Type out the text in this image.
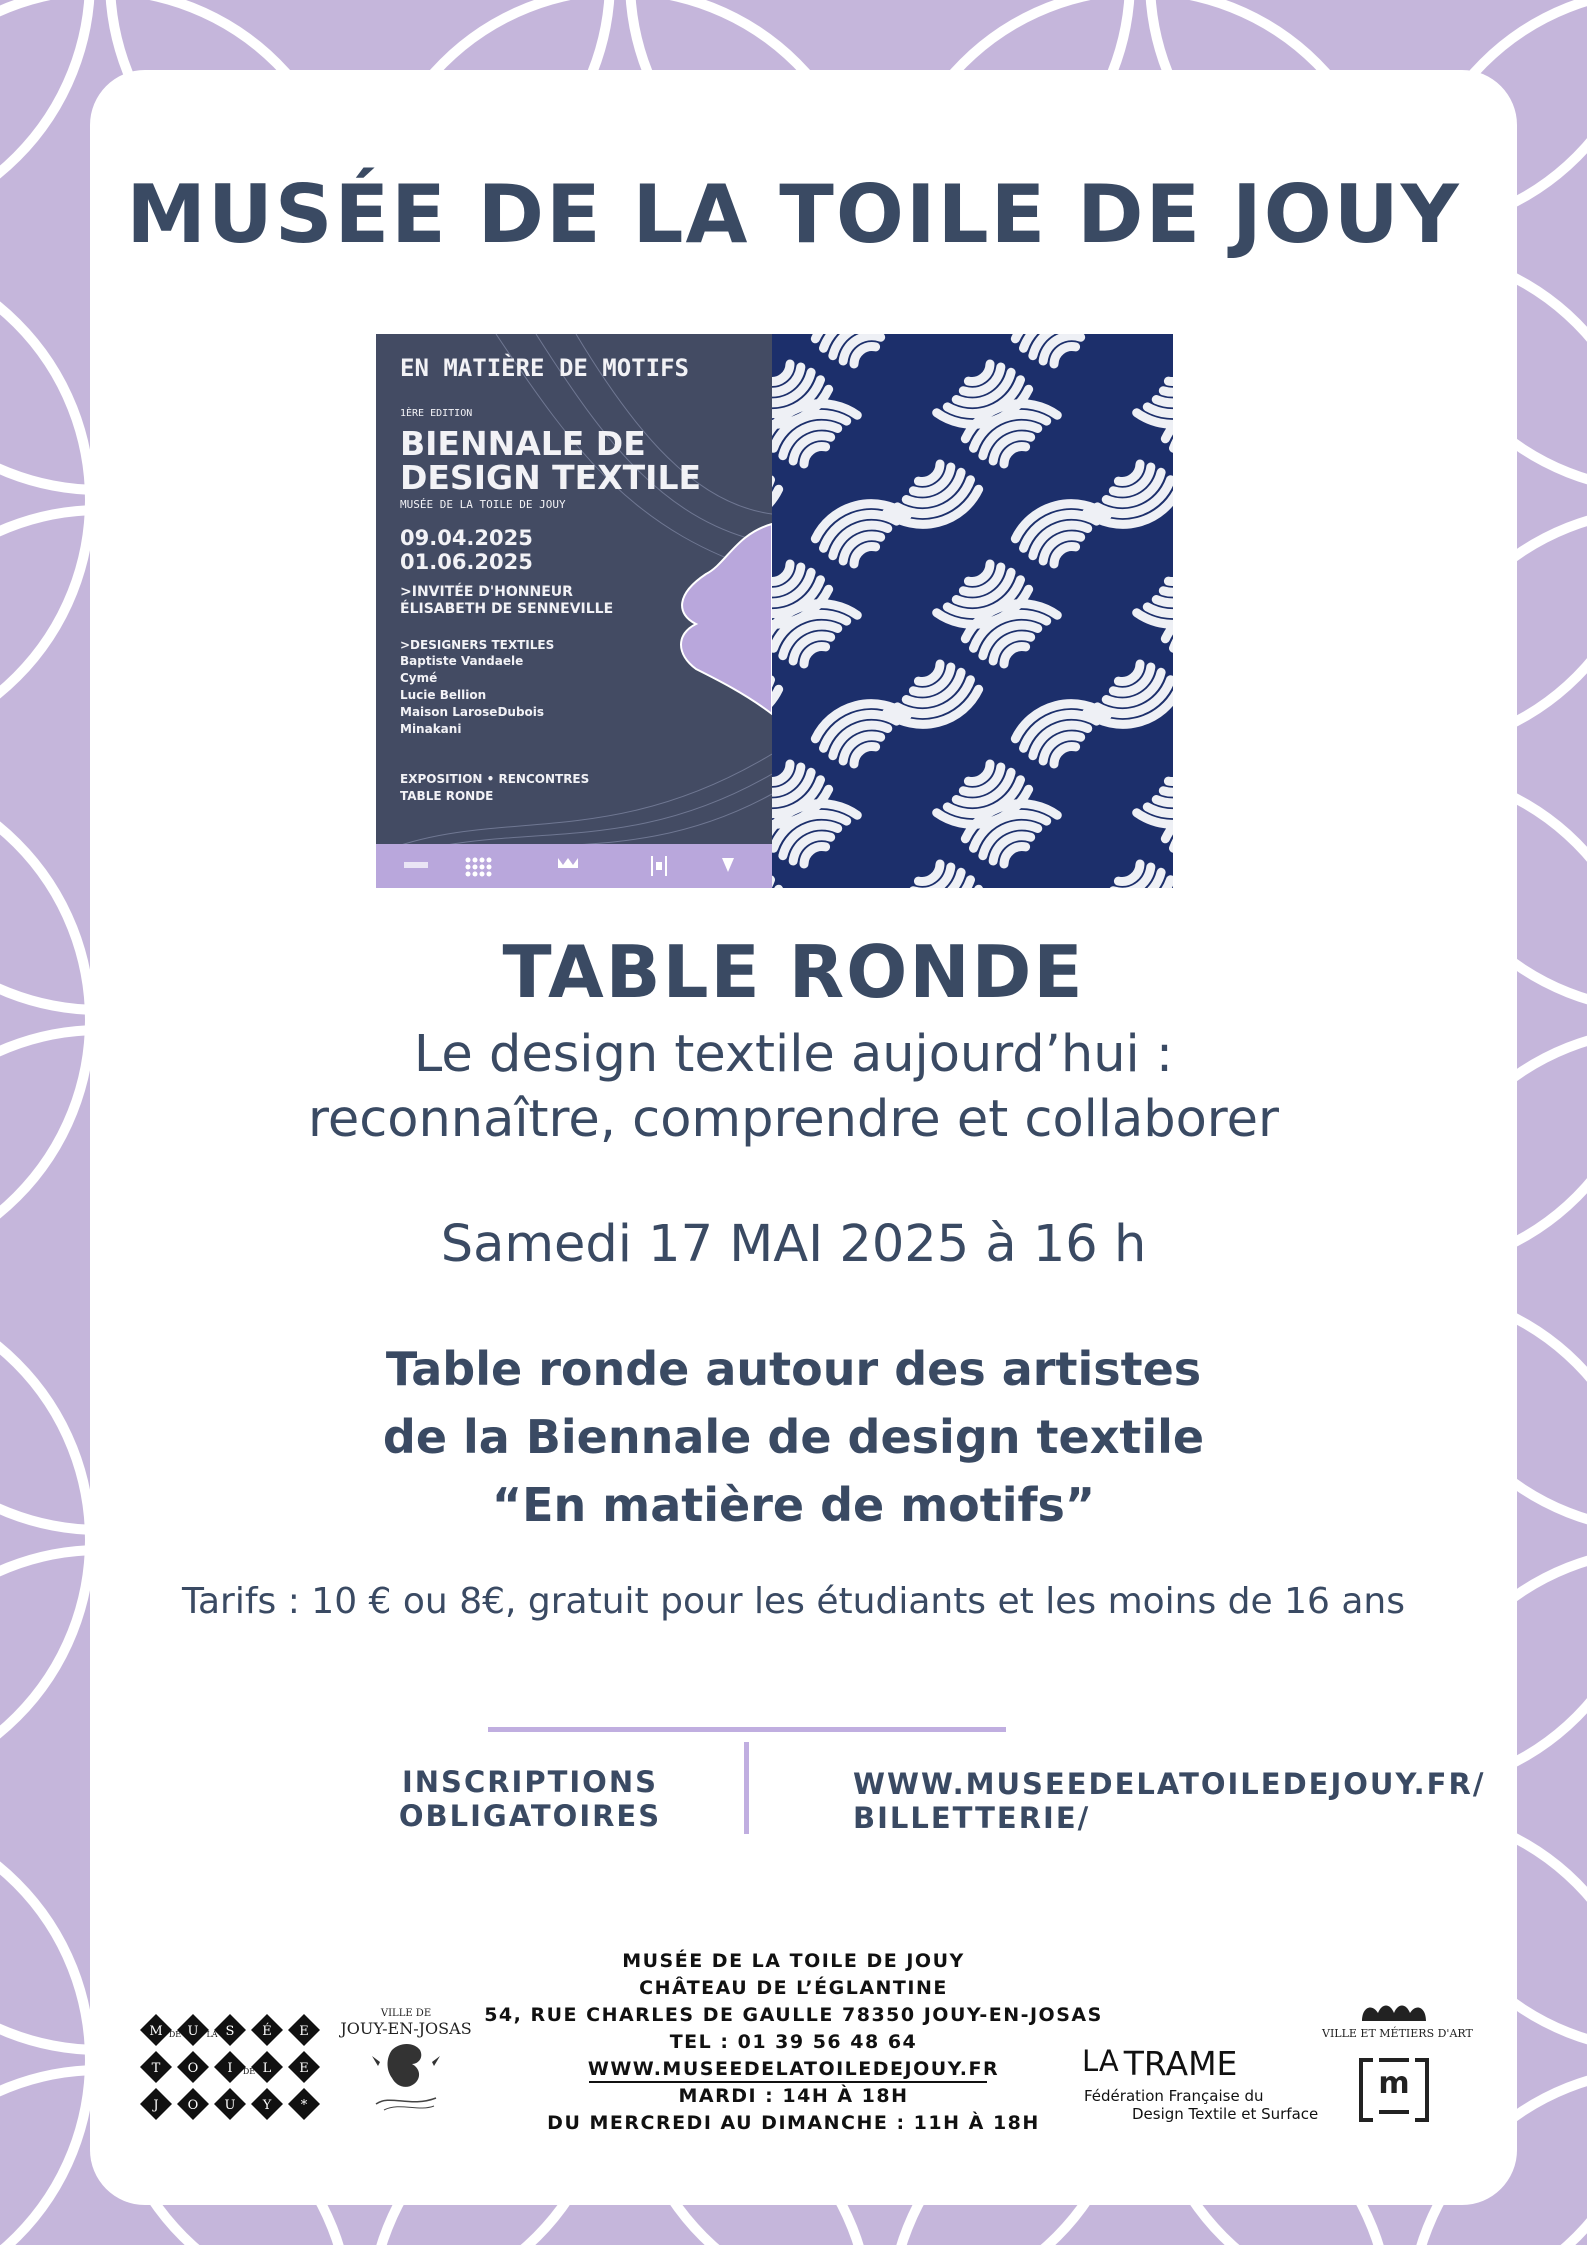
MUSÉE DE LA TOILE DE JOUY
EN MATIÈRE DE MOTIFS
1ÈRE EDITION
BIENNALE DE
DESIGN TEXTILE
MUSÉE DE LA TOILE DE JOUY
09.04.2025
01.06.2025
>INVITÉE D'HONNEUR
ÉLISABETH DE SENNEVILLE
>DESIGNERS TEXTILES
Baptiste Vandaele
Cymé
Lucie Bellion
Maison LaroseDubois
Minakani
EXPOSITION • RENCONTRES
TABLE RONDE
TABLE RONDE
Le design textile aujourd’hui :
reconnaître, comprendre et collaborer
Samedi 17 MAI 2025 à 16 h
Table ronde autour des artistes
de la Biennale de design textile
“En matière de motifs”
Tarifs : 10 € ou 8€, gratuit pour les étudiants et les moins de 16 ans
INSCRIPTIONS
OBLIGATOIRES
WWW.MUSEEDELATOILEDEJOUY.FR/
BILLETTERIE/
MUSÉE DE LA TOILE DE JOUY
CHÂTEAU DE L’ÉGLANTINE
54, RUE CHARLES DE GAULLE 78350 JOUY-EN-JOSAS
TEL : 01 39 56 48 64
WWW.MUSEEDELATOILEDEJOUY.FR
MARDI : 14H À 18H
DU MERCREDI AU DIMANCHE : 11H À 18H
M U S É E
T O I L E
J O U Y *
DE	LA
DE
VILLE DE
JOUY-EN-JOSAS
LA TRAME
Fédération Française du
Design Textile et Surface
VILLE ET MÉTIERS D'ART
m
